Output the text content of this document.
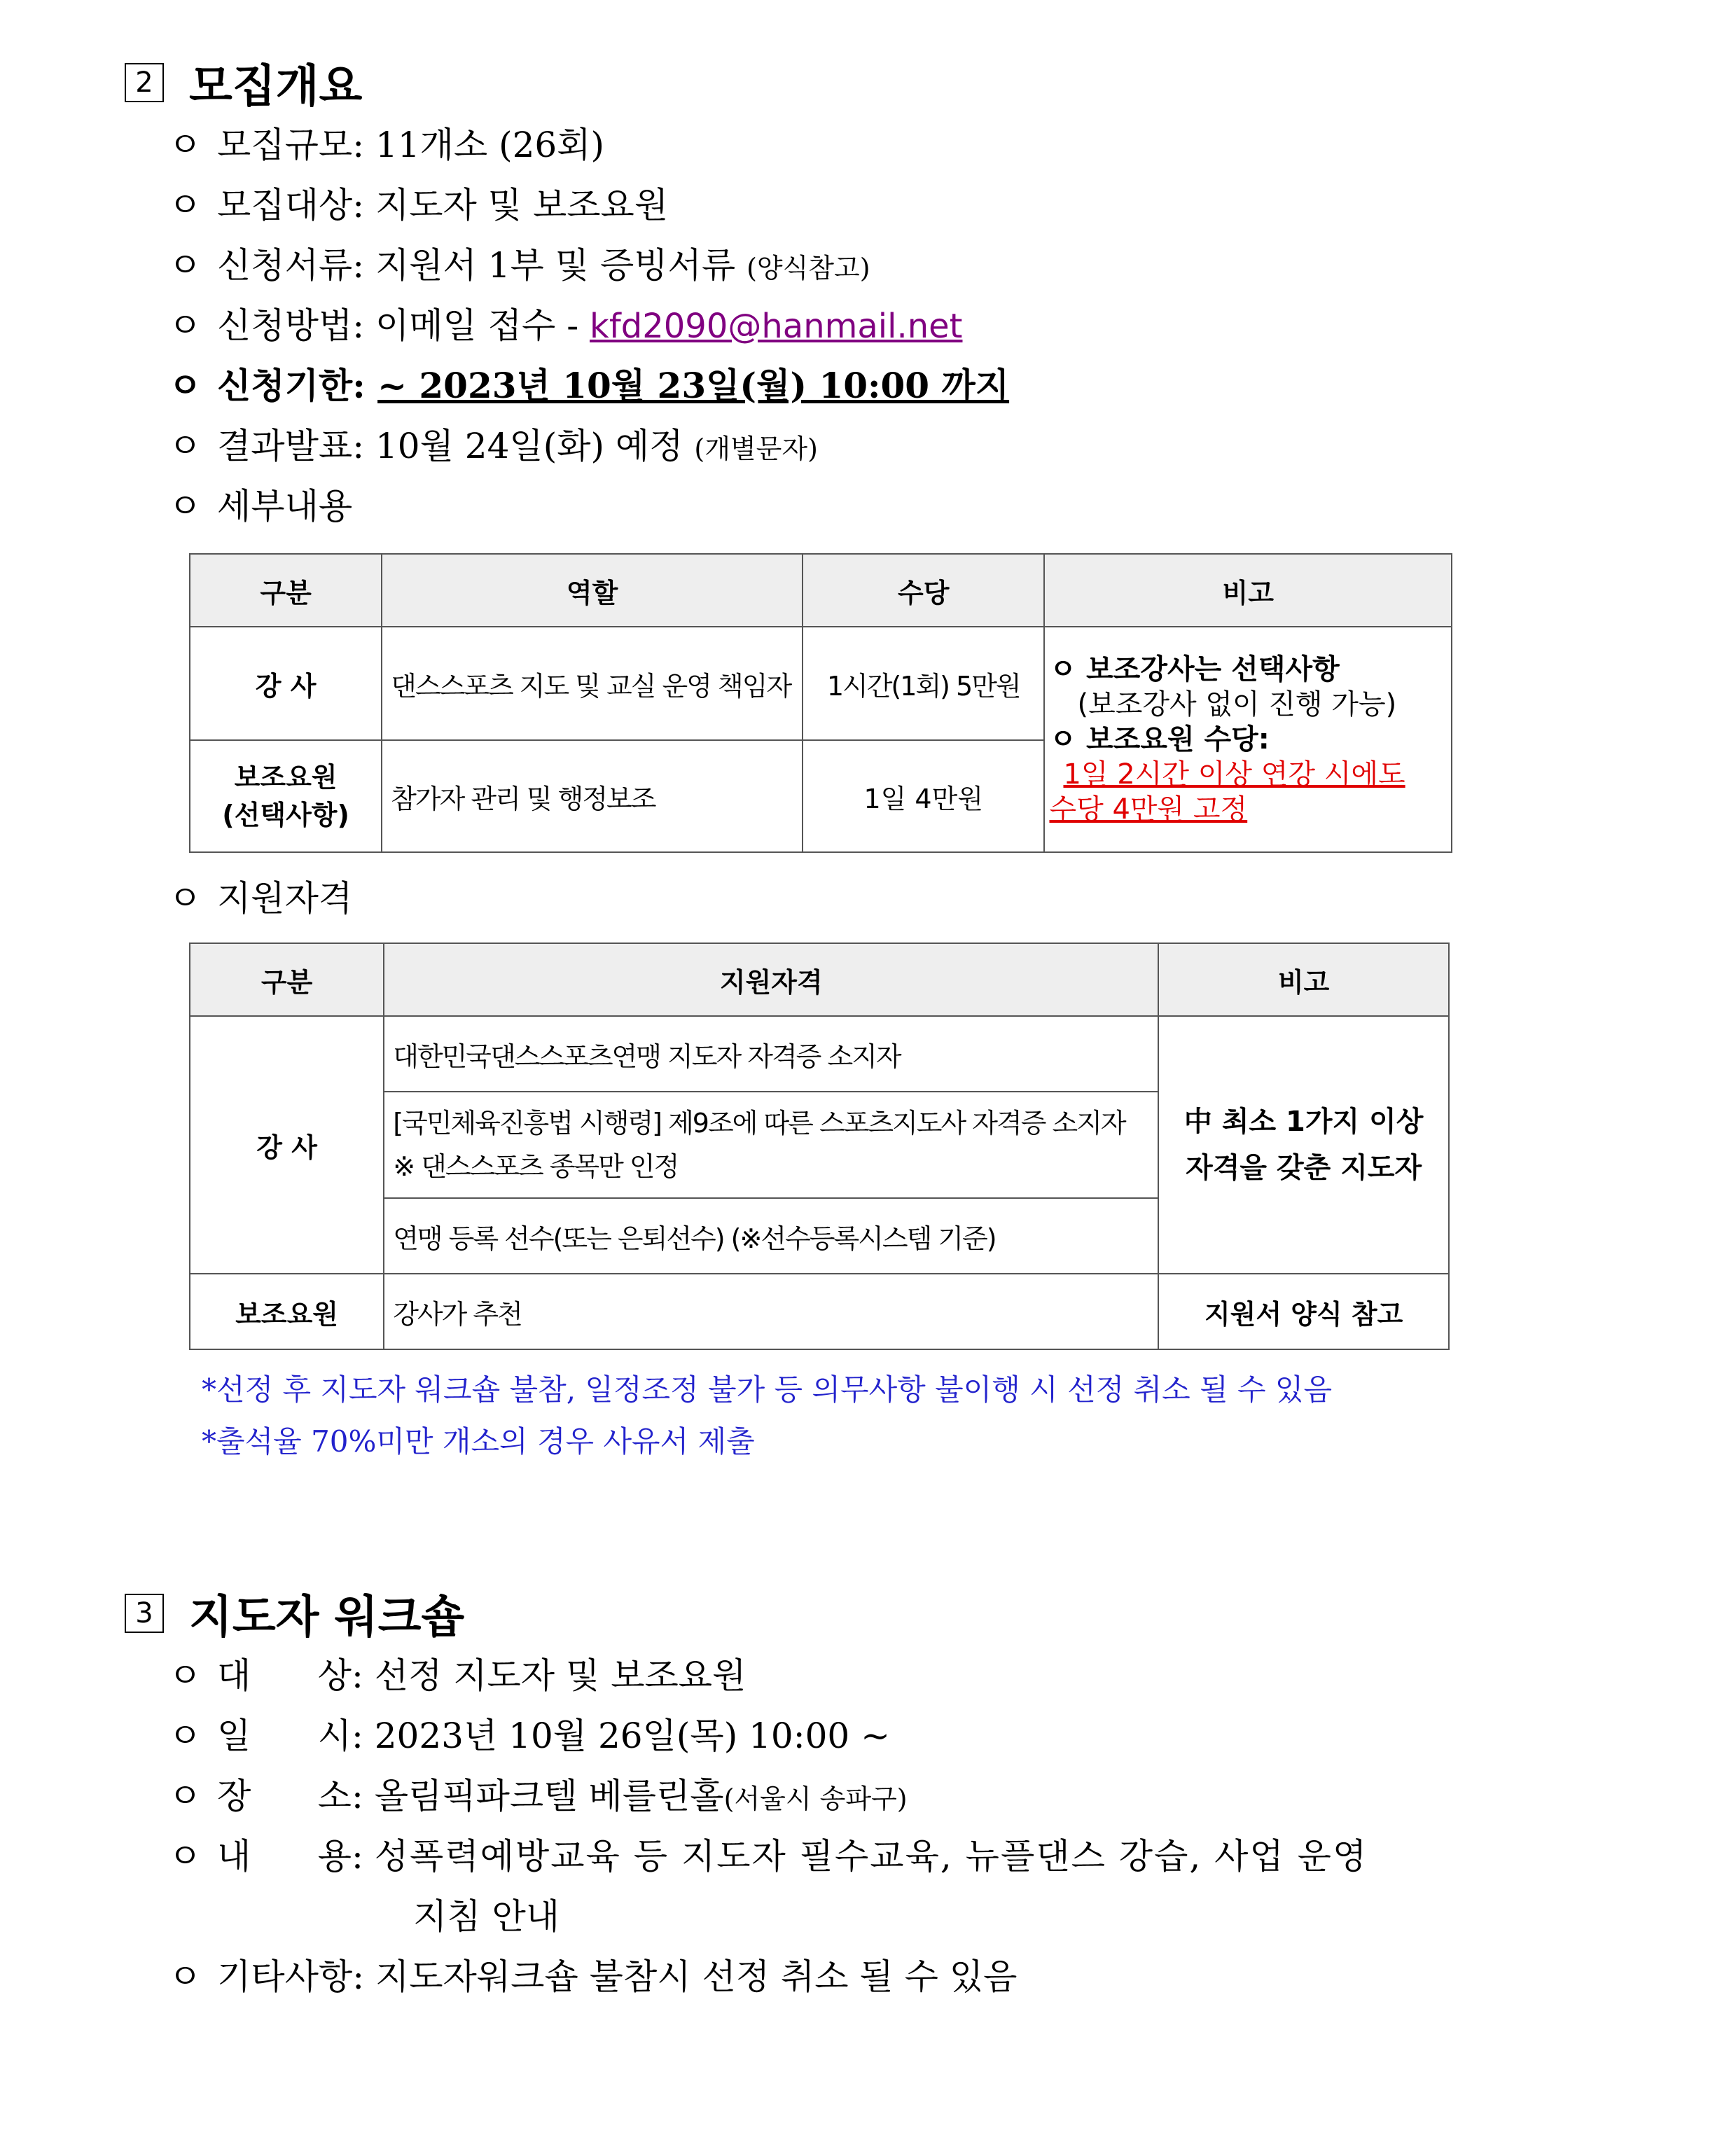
2 모집개요
ㅇ 모집규모: 11개소 (26회)
ㅇ 모집대상: 지도자 및 보조요원
ㅇ 신청서류: 지원서 1부 및 증빙서류 (양식참고)
ㅇ 신청방법: 이메일 접수 - kfd2090@hanmail.net
ㅇ 신청기한: ~ 2023년 10월 23일(월) 10:00 까지
ㅇ 결과발표: 10월 24일(화) 예정 (개별문자)
ㅇ 세부내용
구분	역할	수당	비고
강 사	댄스스포츠 지도 및 교실 운영 책임자	1시간(1회) 5만원	ㅇ 보조강사는 선택사항
(보조강사 없이 진행 가능)
ㅇ 보조요원 수당:
1일 2시간 이상 연강 시에도
수당 4만원 고정

보조요원
(선택사항)	참가자 관리 및 행정보조	1일 4만원	
ㅇ 지원자격
구분	지원자격	비고
강 사	대한민국댄스스포츠연맹 지도자 자격증 소지자	中 최소 1가지 이상
자격을 갖춘 지도자

	[국민체육진흥법 시행령] 제9조에 따른 스포츠지도사 자격증 소지자
※ 댄스스포츠 종목만 인정	

	연맹 등록 선수(또는 은퇴선수) (※선수등록시스템 기준)	
보조요원	강사가 추천	지원서 양식 참고
*선정 후 지도자 워크숍 불참, 일정조정 불가 등 의무사항 불이행 시 선정 취소 될 수 있음
*출석율 70%미만 개소의 경우 사유서 제출
3 지도자 워크숍
ㅇ 대      상: 선정 지도자 및 보조요원
ㅇ 일      시: 2023년 10월 26일(목) 10:00 ~
ㅇ 장      소: 올림픽파크텔 베를린홀(서울시 송파구)
ㅇ 내      용: 성폭력예방교육 등 지도자 필수교육, 뉴플댄스 강습, 사업 운영
지침 안내
ㅇ 기타사항: 지도자워크숍 불참시 선정 취소 될 수 있음
